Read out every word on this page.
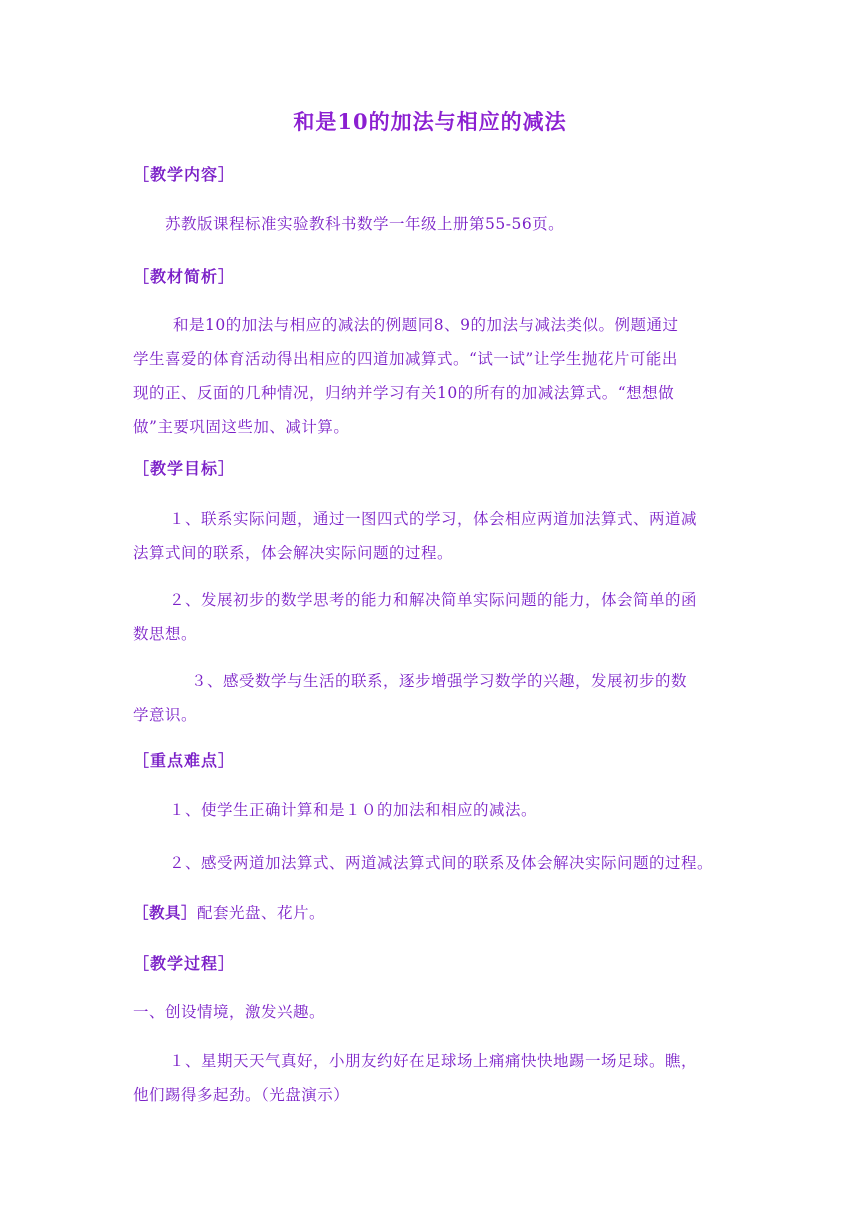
和是10的加法与相应的减法
［教学内容］
苏教版课程标准实验教科书数学一年级上册第55-56页。
［教材简析］
和是10的加法与相应的减法的例题同8、9的加法与减法类似。例题通过
学生喜爱的体育活动得出相应的四道加减算式。“试一试”让学生抛花片可能出
现的正、反面的几种情况，归纳并学习有关10的所有的加减法算式。“想想做
做”主要巩固这些加、减计算。
［教学目标］
１、联系实际问题，通过一图四式的学习，体会相应两道加法算式、两道减
法算式间的联系，体会解决实际问题的过程。
２、发展初步的数学思考的能力和解决简单实际问题的能力，体会简单的函
数思想。
３、感受数学与生活的联系，逐步增强学习数学的兴趣，发展初步的数
学意识。
［重点难点］
１、使学生正确计算和是１０的加法和相应的减法。
２、感受两道加法算式、两道减法算式间的联系及体会解决实际问题的过程。
［教具］配套光盘、花片。
［教学过程］
一、创设情境，激发兴趣。
１、星期天天气真好，小朋友约好在足球场上痛痛快快地踢一场足球。瞧，
他们踢得多起劲。（光盘演示）
